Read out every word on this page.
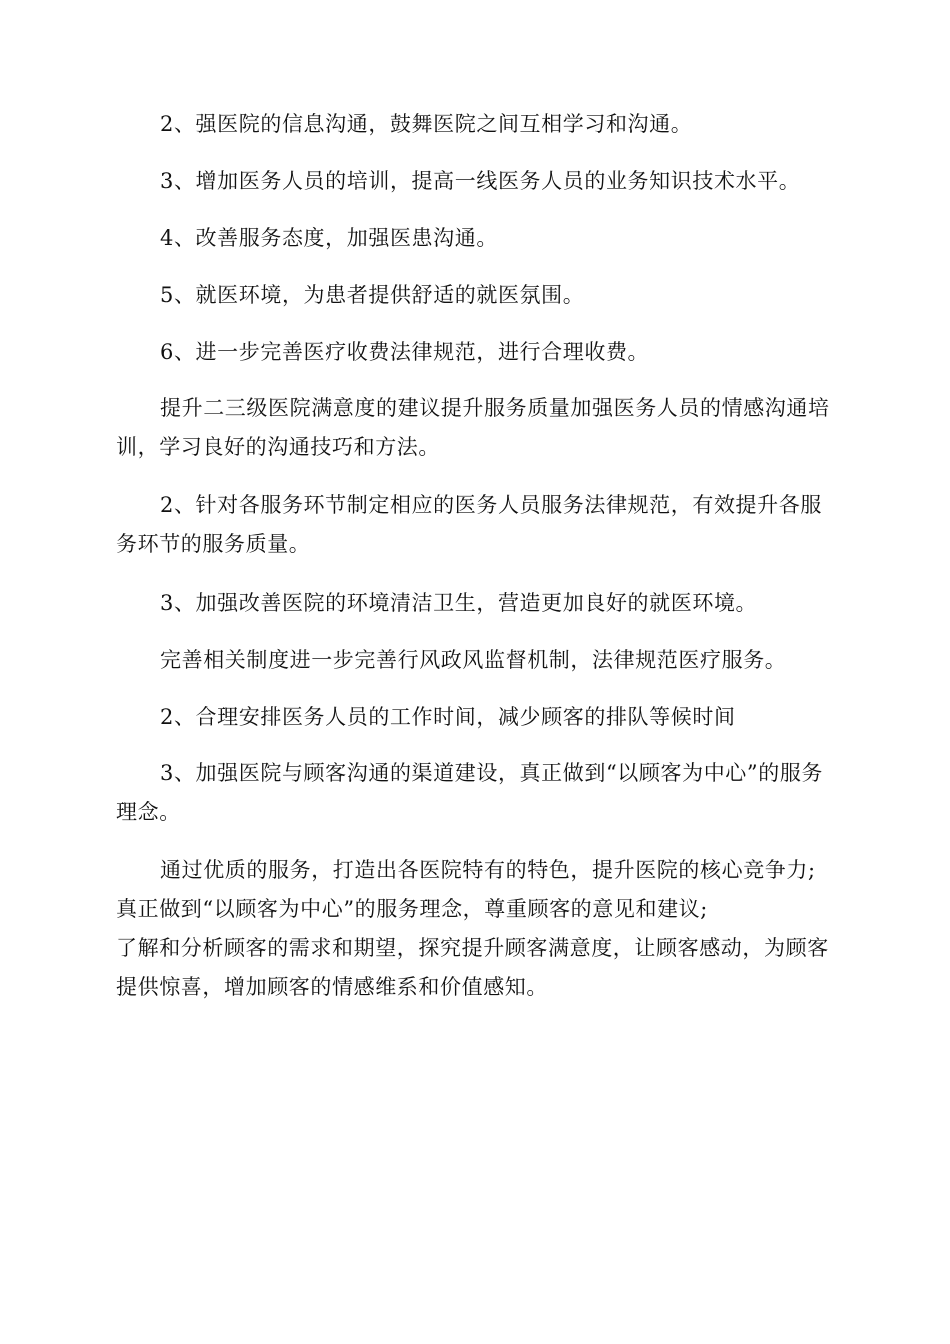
2、强医院的信息沟通，鼓舞医院之间互相学习和沟通。

3、增加医务人员的培训，提高一线医务人员的业务知识技术水平。

4、改善服务态度，加强医患沟通。

5、就医环境，为患者提供舒适的就医氛围。

6、进一步完善医疗收费法律规范，进行合理收费。

提升二三级医院满意度的建议提升服务质量加强医务人员的情感沟通培训，学习良好的沟通技巧和方法。

2、针对各服务环节制定相应的医务人员服务法律规范，有效提升各服务环节的服务质量。

3、加强改善医院的环境清洁卫生，营造更加良好的就医环境。

完善相关制度进一步完善行风政风监督机制，法律规范医疗服务。

2、合理安排医务人员的工作时间，减少顾客的排队等候时间

3、加强医院与顾客沟通的渠道建设，真正做到“以顾客为中心”的服务理念。

通过优质的服务，打造出各医院特有的特色，提升医院的核心竞争力;真正做到“以顾客为中心”的服务理念，尊重顾客的意见和建议;
了解和分析顾客的需求和期望，探究提升顾客满意度，让顾客感动，为顾客提供惊喜，增加顾客的情感维系和价值感知。
